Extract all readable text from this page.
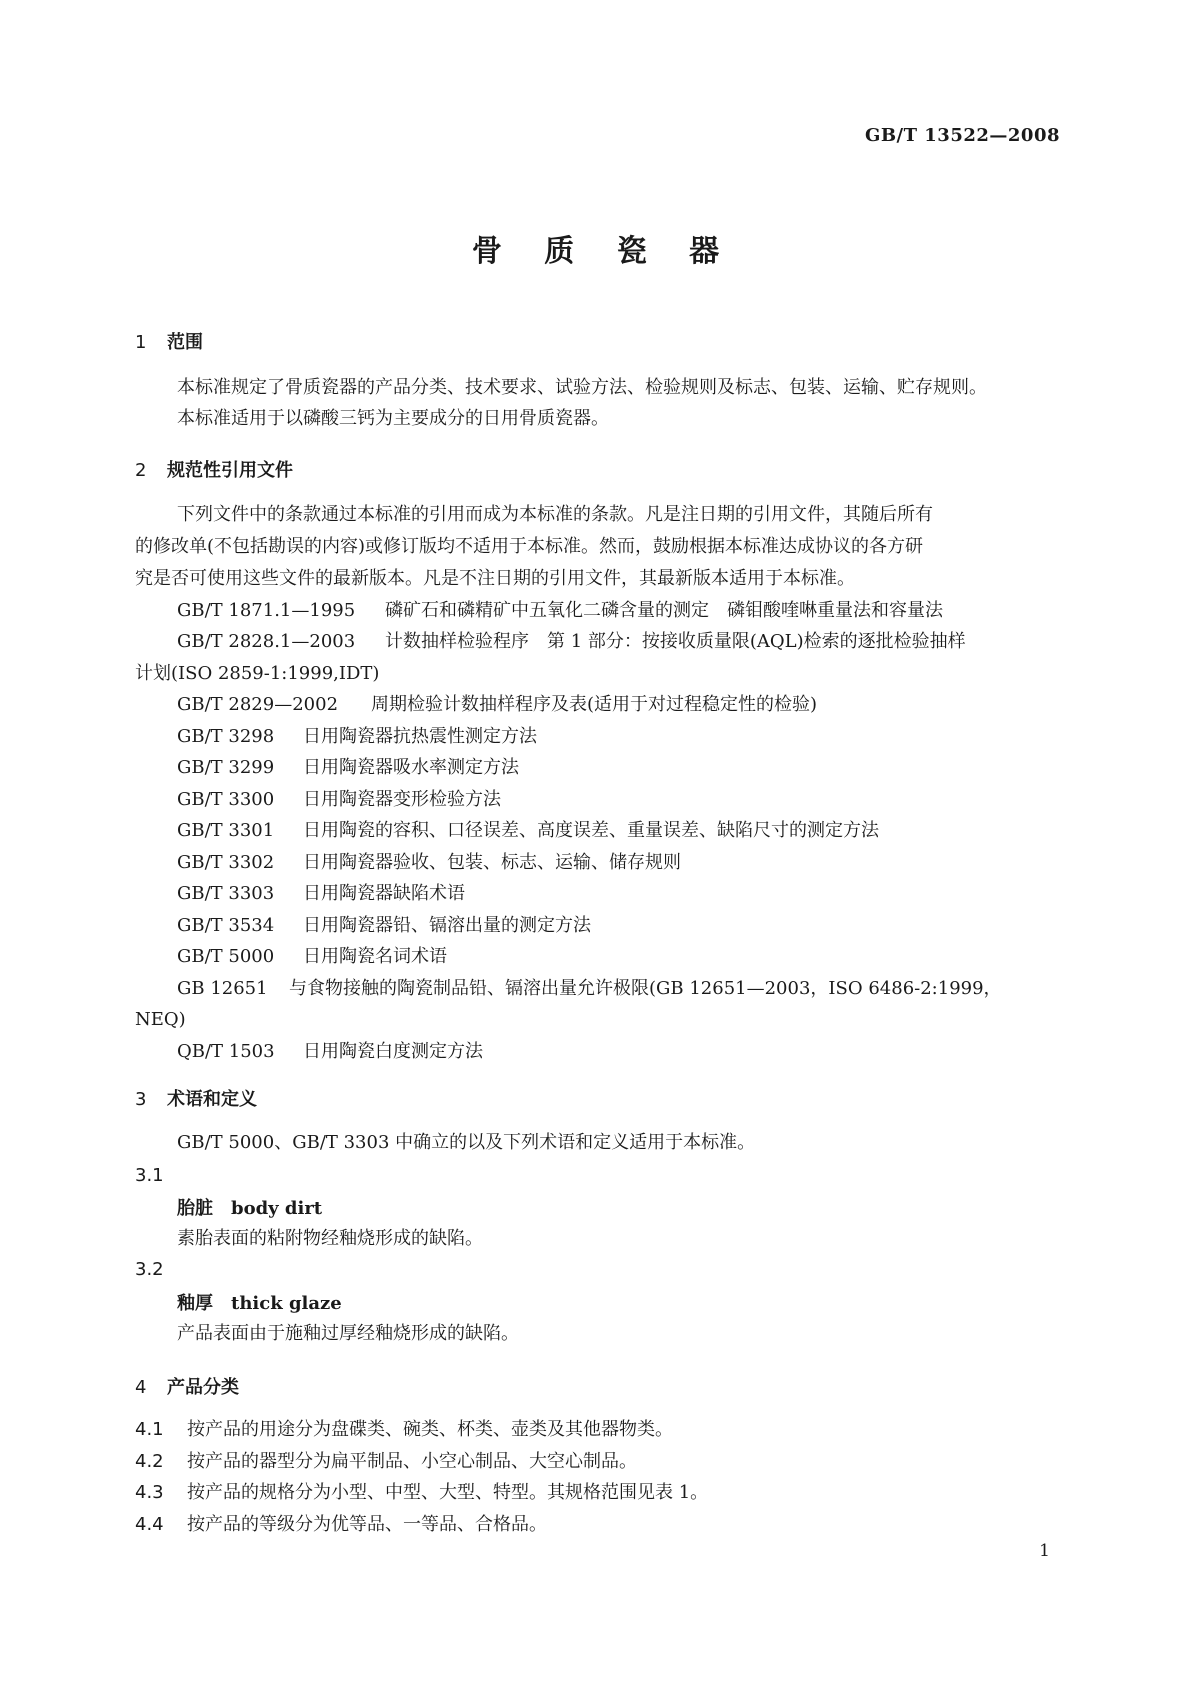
GB/T 13522—2008
骨 质 瓷 器
1 范围
本标准规定了骨质瓷器的产品分类、技术要求、试验方法、检验规则及标志、包装、运输、贮存规则。
本标准适用于以磷酸三钙为主要成分的日用骨质瓷器。
2 规范性引用文件
下列文件中的条款通过本标准的引用而成为本标准的条款。凡是注日期的引用文件，其随后所有
的修改单(不包括勘误的内容)或修订版均不适用于本标准。然而，鼓励根据本标准达成协议的各方研
究是否可使用这些文件的最新版本。凡是不注日期的引用文件，其最新版本适用于本标准。
GB/T 1871.1—1995 磷矿石和磷精矿中五氧化二磷含量的测定　磷钼酸喹啉重量法和容量法
GB/T 2828.1—2003 计数抽样检验程序　第 1 部分：按接收质量限(AQL)检索的逐批检验抽样
计划(ISO 2859-1:1999,IDT)
GB/T 2829—2002 周期检验计数抽样程序及表(适用于对过程稳定性的检验)
GB/T 3298 日用陶瓷器抗热震性测定方法
GB/T 3299 日用陶瓷器吸水率测定方法
GB/T 3300 日用陶瓷器变形检验方法
GB/T 3301 日用陶瓷的容积、口径误差、高度误差、重量误差、缺陷尺寸的测定方法
GB/T 3302 日用陶瓷器验收、包装、标志、运输、储存规则
GB/T 3303 日用陶瓷器缺陷术语
GB/T 3534 日用陶瓷器铅、镉溶出量的测定方法
GB/T 5000 日用陶瓷名词术语
GB 12651 与食物接触的陶瓷制品铅、镉溶出量允许极限(GB 12651—2003，ISO 6486-2:1999，
NEQ)
QB/T 1503 日用陶瓷白度测定方法
3 术语和定义
GB/T 5000、GB/T 3303 中确立的以及下列术语和定义适用于本标准。
3.1
胎脏 body dirt
素胎表面的粘附物经釉烧形成的缺陷。
3.2
釉厚 thick glaze
产品表面由于施釉过厚经釉烧形成的缺陷。
4 产品分类
4.1 按产品的用途分为盘碟类、碗类、杯类、壶类及其他器物类。
4.2 按产品的器型分为扁平制品、小空心制品、大空心制品。
4.3 按产品的规格分为小型、中型、大型、特型。其规格范围见表 1。
4.4 按产品的等级分为优等品、一等品、合格品。
1
